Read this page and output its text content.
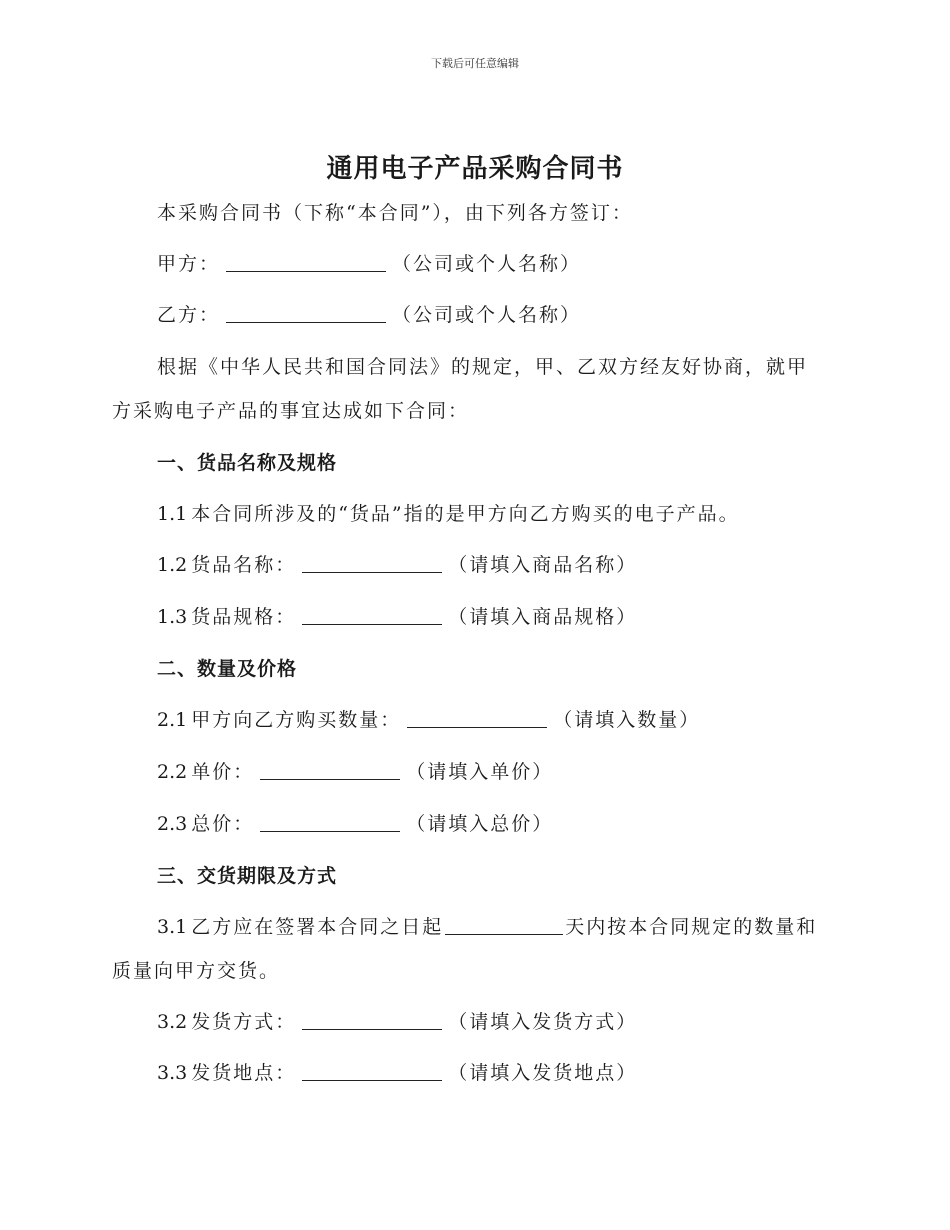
下载后可任意编辑
通用电子产品采购合同书
本采购合同书（下称“本合同”），由下列各方签订：
甲方：	（公司或个人名称）
乙方：	（公司或个人名称）
根据《中华人民共和国合同法》的规定，甲、乙双方经友好协商，就甲
方采购电子产品的事宜达成如下合同：
一、货品名称及规格
1.1 本合同所涉及的“货品”指的是甲方向乙方购买的电子产品。
1.2 货品名称：	（请填入商品名称）
1.3 货品规格：	（请填入商品规格）
二、数量及价格
2.1 甲方向乙方购买数量：	（请填入数量）
2.2 单价：	（请填入单价）
2.3 总价：	（请填入总价）
三、交货期限及方式
3.1 乙方应在签署本合同之日起	天内按本合同规定的数量和
质量向甲方交货。
3.2 发货方式：	（请填入发货方式）
3.3 发货地点：	（请填入发货地点）
